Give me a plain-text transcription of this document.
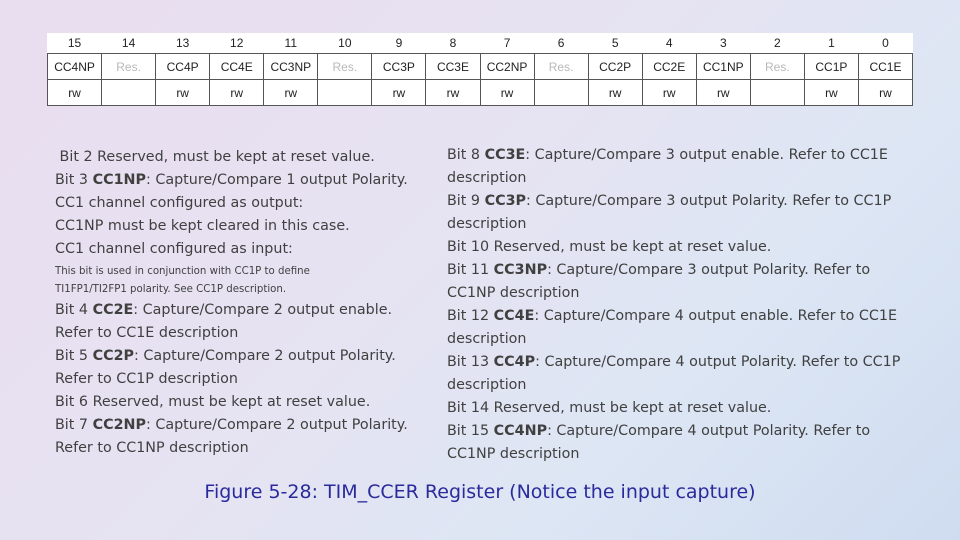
15	14	13	12	11	10	9	8	7	6	5	4	3	2	1	0
CC4NP	Res.	CC4P	CC4E	CC3NP	Res.	CC3P	CC3E	CC2NP	Res.	CC2P	CC2E	CC1NP	Res.	CC1P	CC1E
rw		rw	rw	rw		rw	rw	rw		rw	rw	rw		rw	rw

Bit 2 Reserved, must be kept at reset value.

Bit 3 CC1NP: Capture/Compare 1 output Polarity.

CC1 channel configured as output:

CC1NP must be kept cleared in this case.

CC1 channel configured as input:

This bit is used in conjunction with CC1P to define
TI1FP1/TI2FP1 polarity. See CC1P description.

Bit 4 CC2E: Capture/Compare 2 output enable.

Refer to CC1E description

Bit 5 CC2P: Capture/Compare 2 output Polarity.

Refer to CC1P description

Bit 6 Reserved, must be kept at reset value.

Bit 7 CC2NP: Capture/Compare 2 output Polarity.

Refer to CC1NP description

Bit 8 CC3E: Capture/Compare 3 output enable. Refer to CC1E

description

Bit 9 CC3P: Capture/Compare 3 output Polarity. Refer to CC1P

description

Bit 10 Reserved, must be kept at reset value.

Bit 11 CC3NP: Capture/Compare 3 output Polarity. Refer to

CC1NP description

Bit 12 CC4E: Capture/Compare 4 output enable. Refer to CC1E

description

Bit 13 CC4P: Capture/Compare 4 output Polarity. Refer to CC1P

description

Bit 14 Reserved, must be kept at reset value.

Bit 15 CC4NP: Capture/Compare 4 output Polarity. Refer to

CC1NP description

Figure 5-28: TIM_CCER Register (Notice the input capture)
